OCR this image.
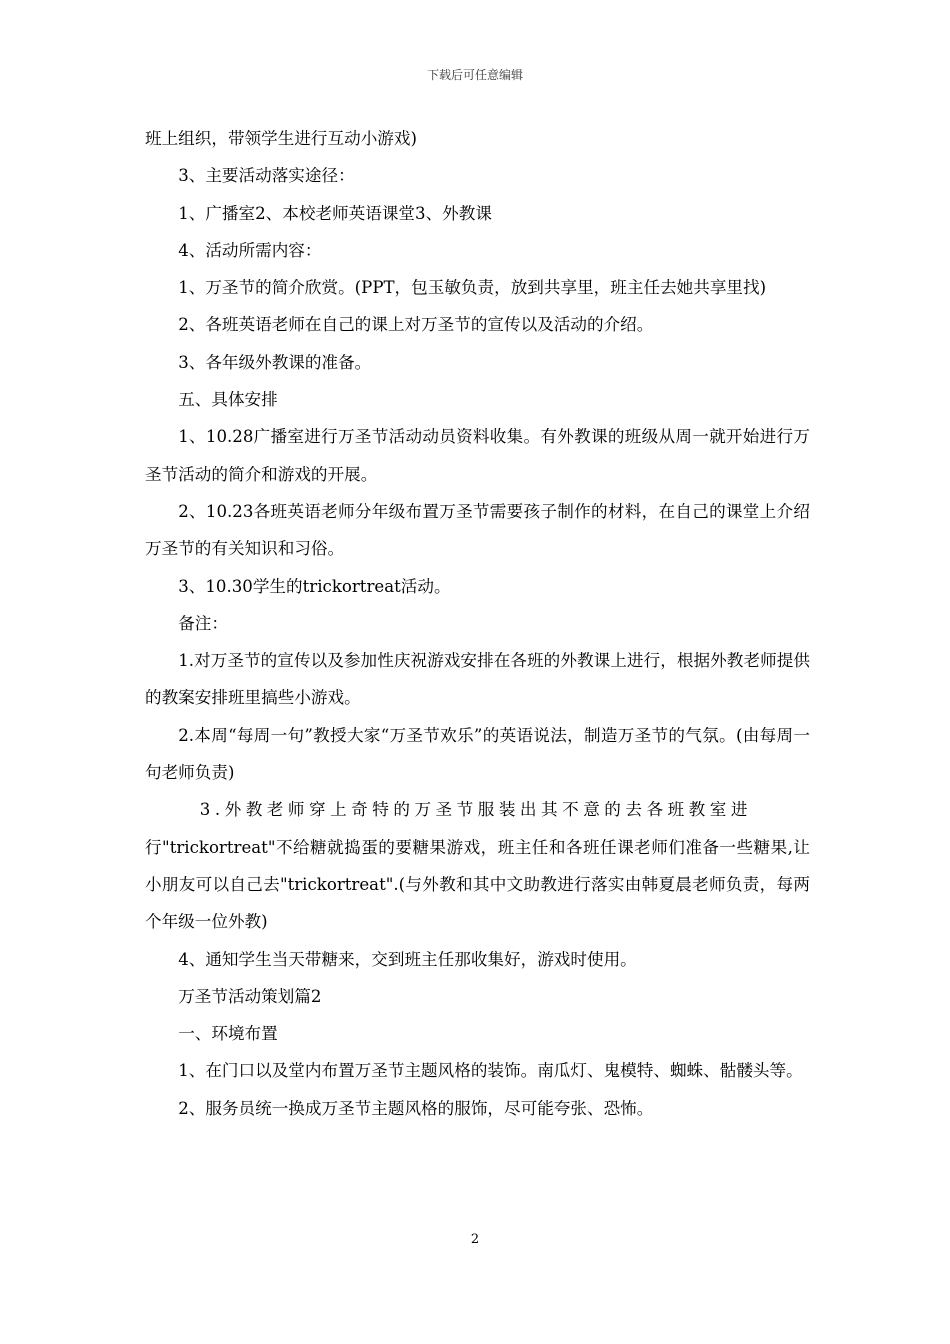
下载后可任意编辑

班上组织，带领学生进行互动小游戏)

3、主要活动落实途径：

1、广播室2、本校老师英语课堂3、外教课

4、活动所需内容：

1、万圣节的简介欣赏。(PPT，包玉敏负责，放到共享里，班主任去她共享里找)

2、各班英语老师在自己的课上对万圣节的宣传以及活动的介绍。

3、各年级外教课的准备。

五、具体安排

1、10.28广播室进行万圣节活动动员资料收集。有外教课的班级从周一就开始进行万圣节活动的简介和游戏的开展。

2、10.23各班英语老师分年级布置万圣节需要孩子制作的材料，在自己的课堂上介绍万圣节的有关知识和习俗。

3、10.30学生的trickortreat活动。

备注：

1.对万圣节的宣传以及参加性庆祝游戏安排在各班的外教课上进行，根据外教老师提供的教案安排班里搞些小游戏。

2.本周“每周一句”教授大家“万圣节欢乐”的英语说法，制造万圣节的气氛。(由每周一句老师负责)

3.外教老师穿上奇特的万圣节服装出其不意的去各班教室进

行"trickortreat"不给糖就捣蛋的要糖果游戏，班主任和各班任课老师们准备一些糖果,让小朋友可以自己去"trickortreat".(与外教和其中文助教进行落实由韩夏晨老师负责，每两个年级一位外教)

4、通知学生当天带糖来，交到班主任那收集好，游戏时使用。

万圣节活动策划篇2

一、环境布置

1、在门口以及堂内布置万圣节主题风格的装饰。南瓜灯、鬼模特、蜘蛛、骷髅头等。

2、服务员统一换成万圣节主题风格的服饰，尽可能夸张、恐怖。

2
